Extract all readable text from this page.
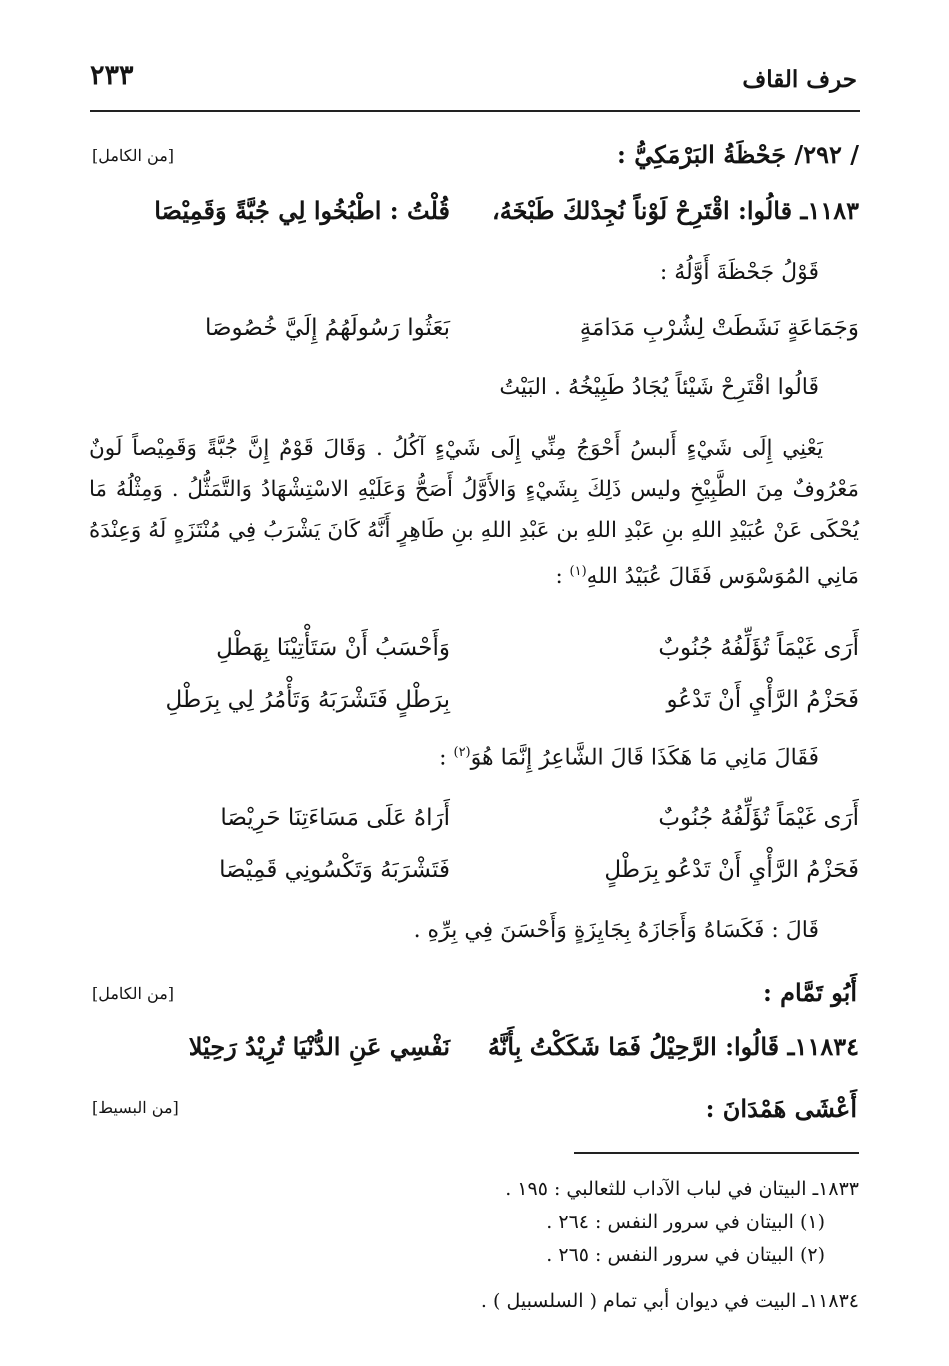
حرف القاف
٢٣٣
/ ٢٩٢/ جَحْظَةُ البَرْمَكِيُّ :
[من الكامل]
١١٨٣ـ قالُوا: اقْتَرِحْ لَوْناً نُجِدْلكَ طَبْخَهُ،
قُلْتُ : اطْبُخُوا لِي جُبَّةً وَقَمِيْصَا
قَوْلُ جَحْظَةَ أَوَّلُهُ :
وَجَمَاعَةٍ نَشَطَتْ لِشُرْبِ مَدَامَةٍ
بَعَثُوا رَسُولَهُمُ إِلَيَّ خُصُوصَا
قَالُوا اقْتَرِحْ شَيْئاً يُجَادُ طَبِيْخُهُ . البَيْتُ

يَعْنِي إِلَى شَيْءٍ أَلبسُ أَحْوَجُ مِنِّي إِلَى شَيْءٍ آكُلُ . وَقَالَ قَوْمٌ إِنَّ جُبَّةً وَقَمِيْصاً لَونٌ مَعْرُوفٌ مِنَ الطَّبِيْخِ وليس ذَلِكَ بِشَيْءٍ وَالأَوَّلُ أَصَحُّ وَعَلَيْهِ الاسْتِشْهَادُ وَالتَّمَثُّلُ . وَمِثْلُهُ مَا يُحْكَى عَنْ عُبَيْدِ اللهِ بنِ عَبْدِ اللهِ بن عَبْدِ اللهِ بنِ طَاهِرٍ أَنَّهُ كَانَ يَشْرَبُ فِي مُنْتَزَهٍ لَهُ وَعِنْدَهُ مَانِي المُوَسْوَس فَقَالَ عُبَيْدُ اللهِ$^{(١)}$ :

أَرَى غَيْمَاً تُؤَلِّفُهُ جُنُوبٌ
وَأَحْسَبُ أَنْ سَتَأْتِيْنَا بِهَطْلِ
فَحَزْمُ الرَّأْيِ أَنْ تَدْعُو
بِرَطْلٍ فَتَشْرَبَهُ وَتَأْمُرُ لِي بِرَطْلِ
فَقَالَ مَانِي مَا هَكَذَا قَالَ الشَّاعِرُ إِنَّمَا هُوَ$^{(٢)}$ :
أَرَى غَيْمَاً تُؤَلِّفُهُ جُنُوبٌ
أَرَاهُ عَلَى مَسَاءَتِنَا حَرِيْصَا
فَحَزْمُ الرَّأْيِ أَنْ تَدْعُو بِرَطْلٍ
فَتَشْرَبَهُ وَتَكْسُونِي قَمِيْصَا
قَالَ : فَكَسَاهُ وَأَجَازَهُ بِجَايِزَةٍ وَأَحْسَنَ فِي بِرِّهِ .
أَبُو تَمَّام :
[من الكامل]
١١٨٣٤ـ قَالُوا: الرَّحِيْلُ فَمَا شَكَكْتُ بِأَنَّهُ
نَفْسِي عَنِ الدُّنْيَا تُرِيْدُ رَحِيْلا
أَعْشَى هَمْدَانَ :
[من البسيط]
١٨٣٣ـ البيتان في لباب الآداب للثعالبي : ١٩٥ .
(١) البيتان في سرور النفس : ٢٦٤ .
(٢) البيتان في سرور النفس : ٢٦٥ .
١١٨٣٤ـ البيت في ديوان أبي تمام ( السلسبيل ) .
